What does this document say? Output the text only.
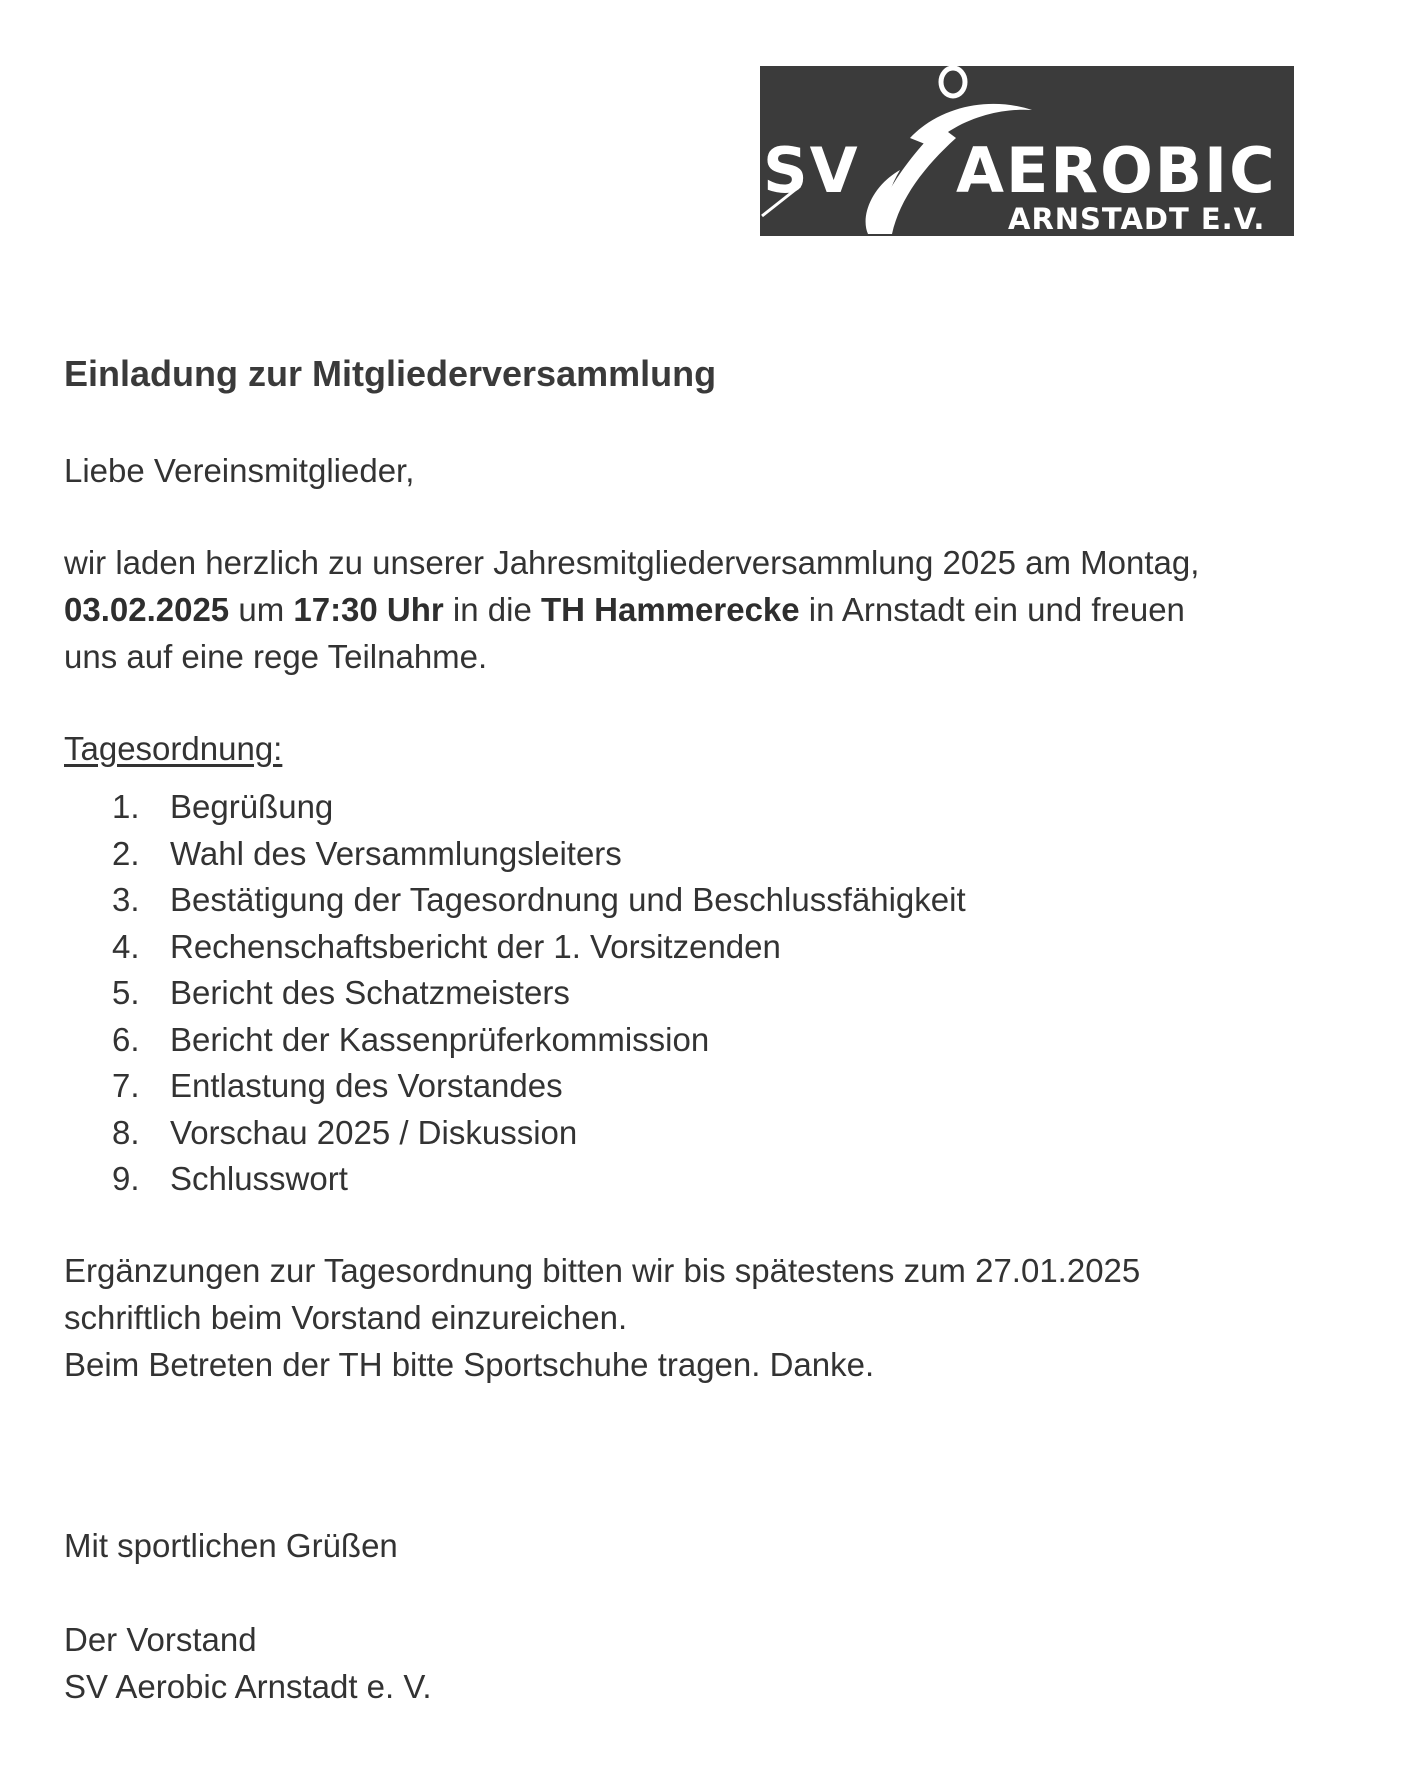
SV AEROBIC
ARNSTADT E.V.
Einladung zur Mitgliederversammlung

Liebe Vereinsmitglieder,

wir laden herzlich zu unserer Jahresmitgliederversammlung 2025 am Montag,
03.02.2025 um 17:30 Uhr in die TH Hammerecke in Arnstadt ein und freuen
uns auf eine rege Teilnahme.

Tagesordnung:

1. Begrüßung
2. Wahl des Versammlungsleiters
3. Bestätigung der Tagesordnung und Beschlussfähigkeit
4. Rechenschaftsbericht der 1. Vorsitzenden
5. Bericht des Schatzmeisters
6. Bericht der Kassenprüferkommission
7. Entlastung des Vorstandes
8. Vorschau 2025 / Diskussion
9. Schlusswort
Ergänzungen zur Tagesordnung bitten wir bis spätestens zum 27.01.2025
schriftlich beim Vorstand einzureichen.
Beim Betreten der TH bitte Sportschuhe tragen. Danke.

Mit sportlichen Grüßen

Der Vorstand
SV Aerobic Arnstadt e. V.
